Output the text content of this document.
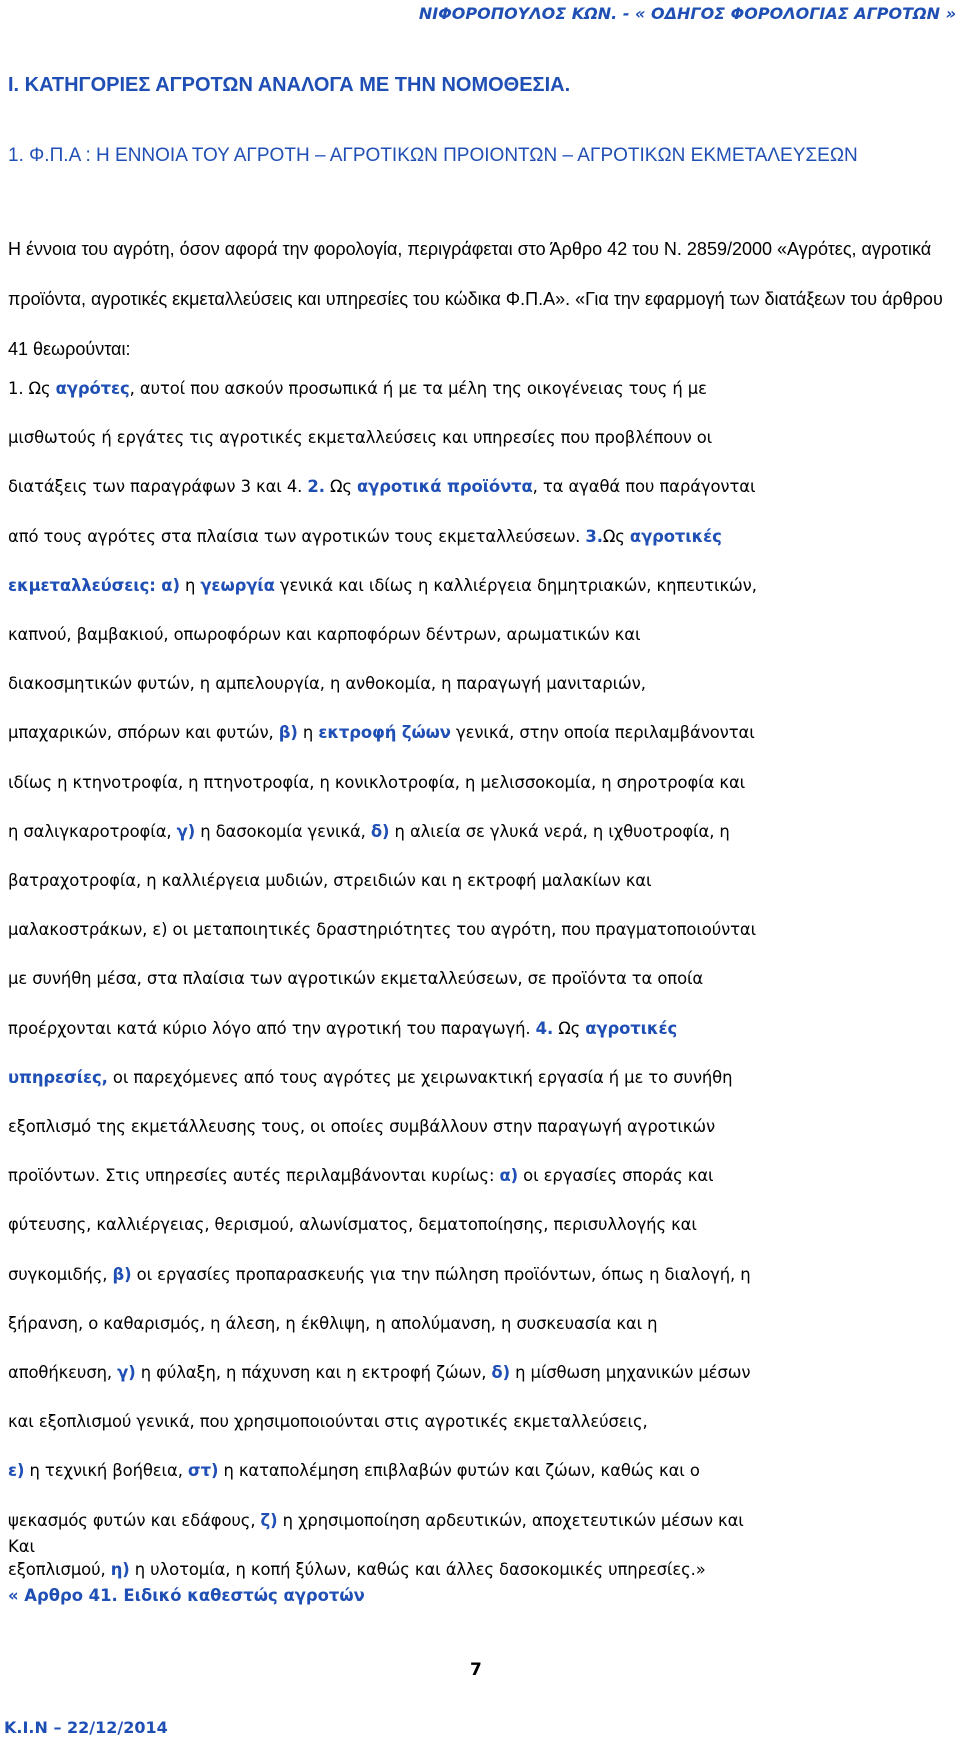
ΝΙΦΟΡΟΠΟΥΛΟΣ ΚΩΝ. - « ΟΔΗΓΟΣ ΦΟΡΟΛΟΓΙΑΣ ΑΓΡΟΤΩΝ »
Ι. ΚΑΤΗΓΟΡΙΕΣ ΑΓΡΟΤΩΝ ΑΝΑΛΟΓΑ ΜΕ ΤΗΝ ΝΟΜΟΘΕΣΙΑ.
1. Φ.Π.Α : Η ΕΝΝΟΙΑ ΤΟΥ ΑΓΡΟΤΗ – ΑΓΡΟΤΙΚΩΝ ΠΡΟΙΟΝΤΩΝ – ΑΓΡΟΤΙΚΩΝ ΕΚΜΕΤΑΛΕΥΣΕΩΝ
Η έννοια του αγρότη, όσον αφορά την φορολογία, περιγράφεται στο Άρθρο 42 του Ν. 2859/2000 «Αγρότες, αγροτικά προϊόντα, αγροτικές εκμεταλλεύσεις και υπηρεσίες του κώδικα Φ.Π.Α». «Για την εφαρμογή των διατάξεων του άρθρου 41 θεωρούνται:
1. Ως αγρότες, αυτοί που ασκούν προσωπικά ή με τα μέλη της οικογένειας τους ή με
μισθωτούς ή εργάτες τις αγροτικές εκμεταλλεύσεις και υπηρεσίες που προβλέπουν οι
διατάξεις των παραγράφων 3 και 4. 2. Ως αγροτικά προϊόντα, τα αγαθά που παράγονται
από τους αγρότες στα πλαίσια των αγροτικών τους εκμεταλλεύσεων. 3.Ως αγροτικές
εκμεταλλεύσεις: α) η γεωργία γενικά και ιδίως η καλλιέργεια δημητριακών, κηπευτικών,
καπνού, βαμβακιού, οπωροφόρων και καρποφόρων δέντρων, αρωματικών και
διακοσμητικών φυτών, η αμπελουργία, η ανθοκομία, η παραγωγή μανιταριών,
μπαχαρικών, σπόρων και φυτών, β) η εκτροφή ζώων γενικά, στην οποία περιλαμβάνονται
ιδίως η κτηνοτροφία, η πτηνοτροφία, η κονικλοτροφία, η μελισσοκομία, η σηροτροφία και
η σαλιγκαροτροφία, γ) η δασοκομία γενικά, δ) η αλιεία σε γλυκά νερά, η ιχθυοτροφία, η
βατραχοτροφία, η καλλιέργεια μυδιών, στρειδιών και η εκτροφή μαλακίων και
μαλακοστράκων, ε) οι μεταποιητικές δραστηριότητες του αγρότη, που πραγματοποιούνται
με συνήθη μέσα, στα πλαίσια των αγροτικών εκμεταλλεύσεων, σε προϊόντα τα οποία
προέρχονται κατά κύριο λόγο από την αγροτική του παραγωγή. 4. Ως αγροτικές
υπηρεσίες, οι παρεχόμενες από τους αγρότες με χειρωνακτική εργασία ή με το συνήθη
εξοπλισμό της εκμετάλλευσης τους, οι οποίες συμβάλλουν στην παραγωγή αγροτικών
προϊόντων. Στις υπηρεσίες αυτές περιλαμβάνονται κυρίως: α) οι εργασίες σποράς και
φύτευσης, καλλιέργειας, θερισμού, αλωνίσματος, δεματοποίησης, περισυλλογής και
συγκομιδής, β) οι εργασίες προπαρασκευής για την πώληση προϊόντων, όπως η διαλογή, η
ξήρανση, ο καθαρισμός, η άλεση, η έκθλιψη, η απολύμανση, η συσκευασία και η
αποθήκευση, γ) η φύλαξη, η πάχυνση και η εκτροφή ζώων, δ) η μίσθωση μηχανικών μέσων
και εξοπλισμού γενικά, που χρησιμοποιούνται στις αγροτικές εκμεταλλεύσεις,
ε) η τεχνική βοήθεια, στ) η καταπολέμηση επιβλαβών φυτών και ζώων, καθώς και ο
ψεκασμός φυτών και εδάφους, ζ) η χρησιμοποίηση αρδευτικών, αποχετευτικών μέσων και
εξοπλισμού, η) η υλοτομία, η κοπή ξύλων, καθώς και άλλες δασοκομικές υπηρεσίες.»
Και
« Αρθρο 41. Ειδικό καθεστώς αγροτών
7
Κ.Ι.Ν – 22/12/2014
